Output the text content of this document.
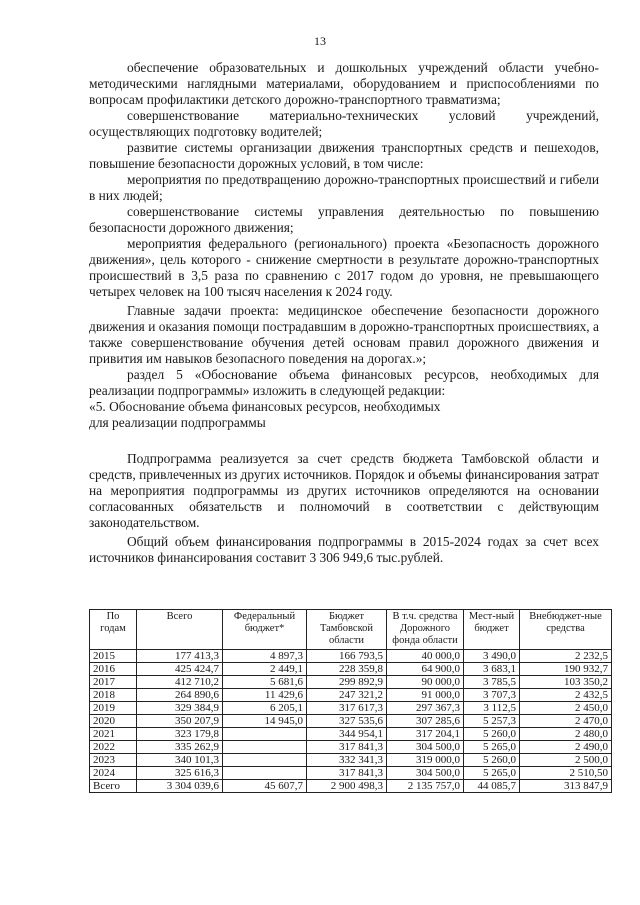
13

обеспечение образовательных и дошкольных учреждений области учебно-методическими наглядными материалами, оборудованием и приспособлениями по вопросам профилактики детского дорожно-транспортного травматизма;

совершенствование материально-технических условий учреждений, осуществляющих подготовку водителей;

развитие системы организации движения транспортных средств и пешеходов, повышение безопасности дорожных условий, в том числе:

мероприятия по предотвращению дорожно-транспортных происшествий и гибели в них людей;

совершенствование системы управления деятельностью по повышению безопасности дорожного движения;

мероприятия федерального (регионального) проекта «Безопасность дорожного движения», цель которого - снижение смертности в результате дорожно-транспортных происшествий в 3,5 раза по сравнению с 2017 годом до уровня, не превышающего четырех человек на 100 тысяч населения к 2024 году.

Главные задачи проекта: медицинское обеспечение безопасности дорожного движения и оказания помощи пострадавшим в дорожно-транспортных происшествиях, а также совершенствование обучения детей основам правил дорожного движения и привития им навыков безопасного поведения на дорогах.»;

раздел 5 «Обоснование объема финансовых ресурсов, необходимых для реализации подпрограммы» изложить в следующей редакции:

«5. Обоснование объема финансовых ресурсов, необходимых

для реализации подпрограммы

Подпрограмма реализуется за счет средств бюджета Тамбовской области и средств, привлеченных из других источников. Порядок и объемы финансирования затрат на мероприятия подпрограммы из других источников определяются на основании согласованных обязательств и полномочий в соответствии с действующим законодательством.

Общий объем финансирования подпрограммы в 2015-2024 годах за счет всех источников финансирования составит 3 306 949,6 тыс.рублей.

По годам	Всего	Федеральный бюджет*	Бюджет Тамбовской области	В т.ч. средства Дорожного фонда области	Мест-ный бюджет	Внебюджет-ные средства
2015	177 413,3	4 897,3	166 793,5	40 000,0	3 490,0	2 232,5
2016	425 424,7	2 449,1	228 359,8	64 900,0	3 683,1	190 932,7
2017	412 710,2	5 681,6	299 892,9	90 000,0	3 785,5	103 350,2
2018	264 890,6	11 429,6	247 321,2	91 000,0	3 707,3	2 432,5
2019	329 384,9	6 205,1	317 617,3	297 367,3	3 112,5	2 450,0
2020	350 207,9	14 945,0	327 535,6	307 285,6	5 257,3	2 470,0
2021	323 179,8		344 954,1	317 204,1	5 260,0	2 480,0
2022	335 262,9		317 841,3	304 500,0	5 265,0	2 490,0
2023	340 101,3		332 341,3	319 000,0	5 260,0	2 500,0
2024	325 616,3		317 841,3	304 500,0	5 265,0	2 510,50
Всего	3 304 039,6	45 607,7	2 900 498,3	2 135 757,0	44 085,7	313 847,9
